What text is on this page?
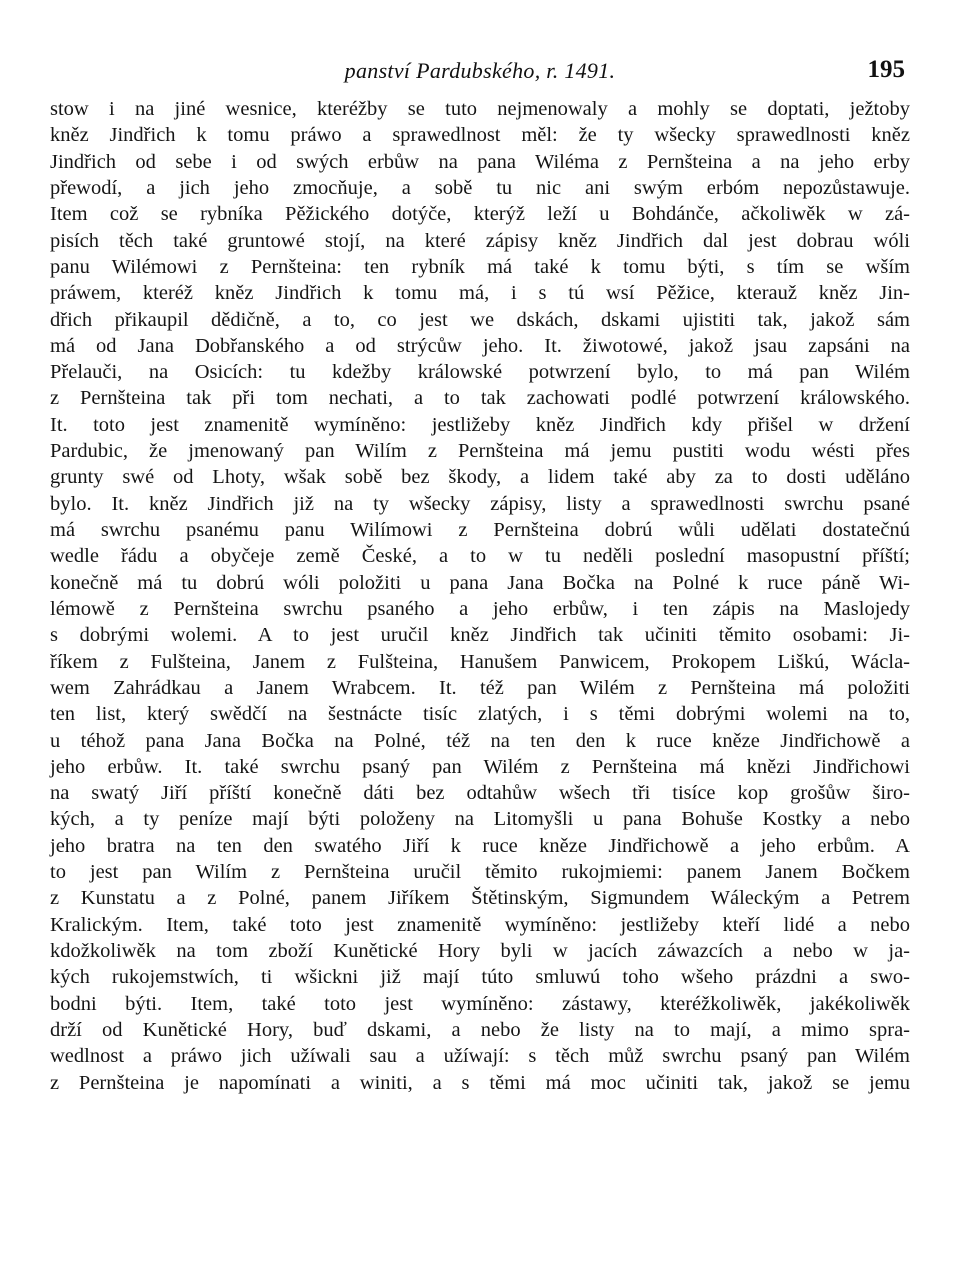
panství Pardubského, r. 1491.	195
stow i na jiné wesnice, kteréžby se tuto nejmenowaly a mohly se doptati, ježtoby
kněz Jindřich k tomu práwo a sprawedlnost měl: že ty wšecky sprawedlnosti kněz
Jindřich od sebe i od swých erbůw na pana Wiléma z Pernšteina a na jeho erby
přewodí, a jich jeho zmocňuje, a sobě tu nic ani swým erbóm nepozůstawuje.
Item což se rybníka Pěžického dotýče, kterýž leží u Bohdánče, ačkoliwěk w zá-
pisích těch také gruntowé stojí, na které zápisy kněz Jindřich dal jest dobrau wóli
panu Wilémowi z Pernšteina: ten rybník má také k tomu býti, s tím se wším
práwem, kteréž kněz Jindřich k tomu má, i s tú wsí Pěžice, kterauž kněz Jin-
dřich přikaupil dědičně, a to, co jest we dskách, dskami ujistiti tak, jakož sám
má od Jana Dobřanského a od strýcůw jeho. It. žiwotowé, jakož jsau zapsáni na
Přelauči, na Osicích: tu kdežby králowské potwrzení bylo, to má pan Wilém
z Pernšteina tak při tom nechati, a to tak zachowati podlé potwrzení králowského.
It. toto jest znamenitě wymíněno: jestližeby kněz Jindřich kdy přišel w držení
Pardubic, že jmenowaný pan Wilím z Pernšteina má jemu pustiti wodu wésti přes
grunty swé od Lhoty, wšak sobě bez škody, a lidem také aby za to dosti uděláno
bylo. It. kněz Jindřich již na ty wšecky zápisy, listy a sprawedlnosti swrchu psané
má swrchu psanému panu Wilímowi z Pernšteina dobrú wůli udělati dostatečnú
wedle řádu a obyčeje země České, a to w tu neděli poslední masopustní příští;
konečně má tu dobrú wóli položiti u pana Jana Bočka na Polné k ruce páně Wi-
lémowě z Pernšteina swrchu psaného a jeho erbůw, i ten zápis na Maslojedy
s dobrými wolemi. A to jest uručil kněz Jindřich tak učiniti těmito osobami: Ji-
říkem z Fulšteina, Janem z Fulšteina, Hanušem Panwicem, Prokopem Liškú, Wácla-
wem Zahrádkau a Janem Wrabcem. It. též pan Wilém z Pernšteina má položiti
ten list, který swědčí na šestnácte tisíc zlatých, i s těmi dobrými wolemi na to,
u téhož pana Jana Bočka na Polné, též na ten den k ruce kněze Jindřichowě a
jeho erbůw. It. také swrchu psaný pan Wilém z Pernšteina má knězi Jindřichowi
na swatý Jiří příští konečně dáti bez odtahůw wšech tři tisíce kop grošůw širo-
kých, a ty peníze mají býti položeny na Litomyšli u pana Bohuše Kostky a nebo
jeho bratra na ten den swatého Jiří k ruce kněze Jindřichowě a jeho erbům. A
to jest pan Wilím z Pernšteina uručil těmito rukojmiemi: panem Janem Bočkem
z Kunstatu a z Polné, panem Jiříkem Štětinským, Sigmundem Wáleckým a Petrem
Kralickým. Item, také toto jest znamenitě wymíněno: jestližeby kteří lidé a nebo
kdožkoliwěk na tom zboží Kunětické Hory byli w jacích záwazcích a nebo w ja-
kých rukojemstwích, ti wšickni již mají túto smluwú toho wšeho prázdni a swo-
bodni býti. Item, také toto jest wymíněno: zástawy, kteréžkoliwěk, jakékoliwěk
drží od Kunětické Hory, buď dskami, a nebo že listy na to mají, a mimo spra-
wedlnost a práwo jich užíwali sau a užíwají: s těch můž swrchu psaný pan Wilém
z Pernšteina je napomínati a winiti, a s těmi má moc učiniti tak, jakož se jemu
